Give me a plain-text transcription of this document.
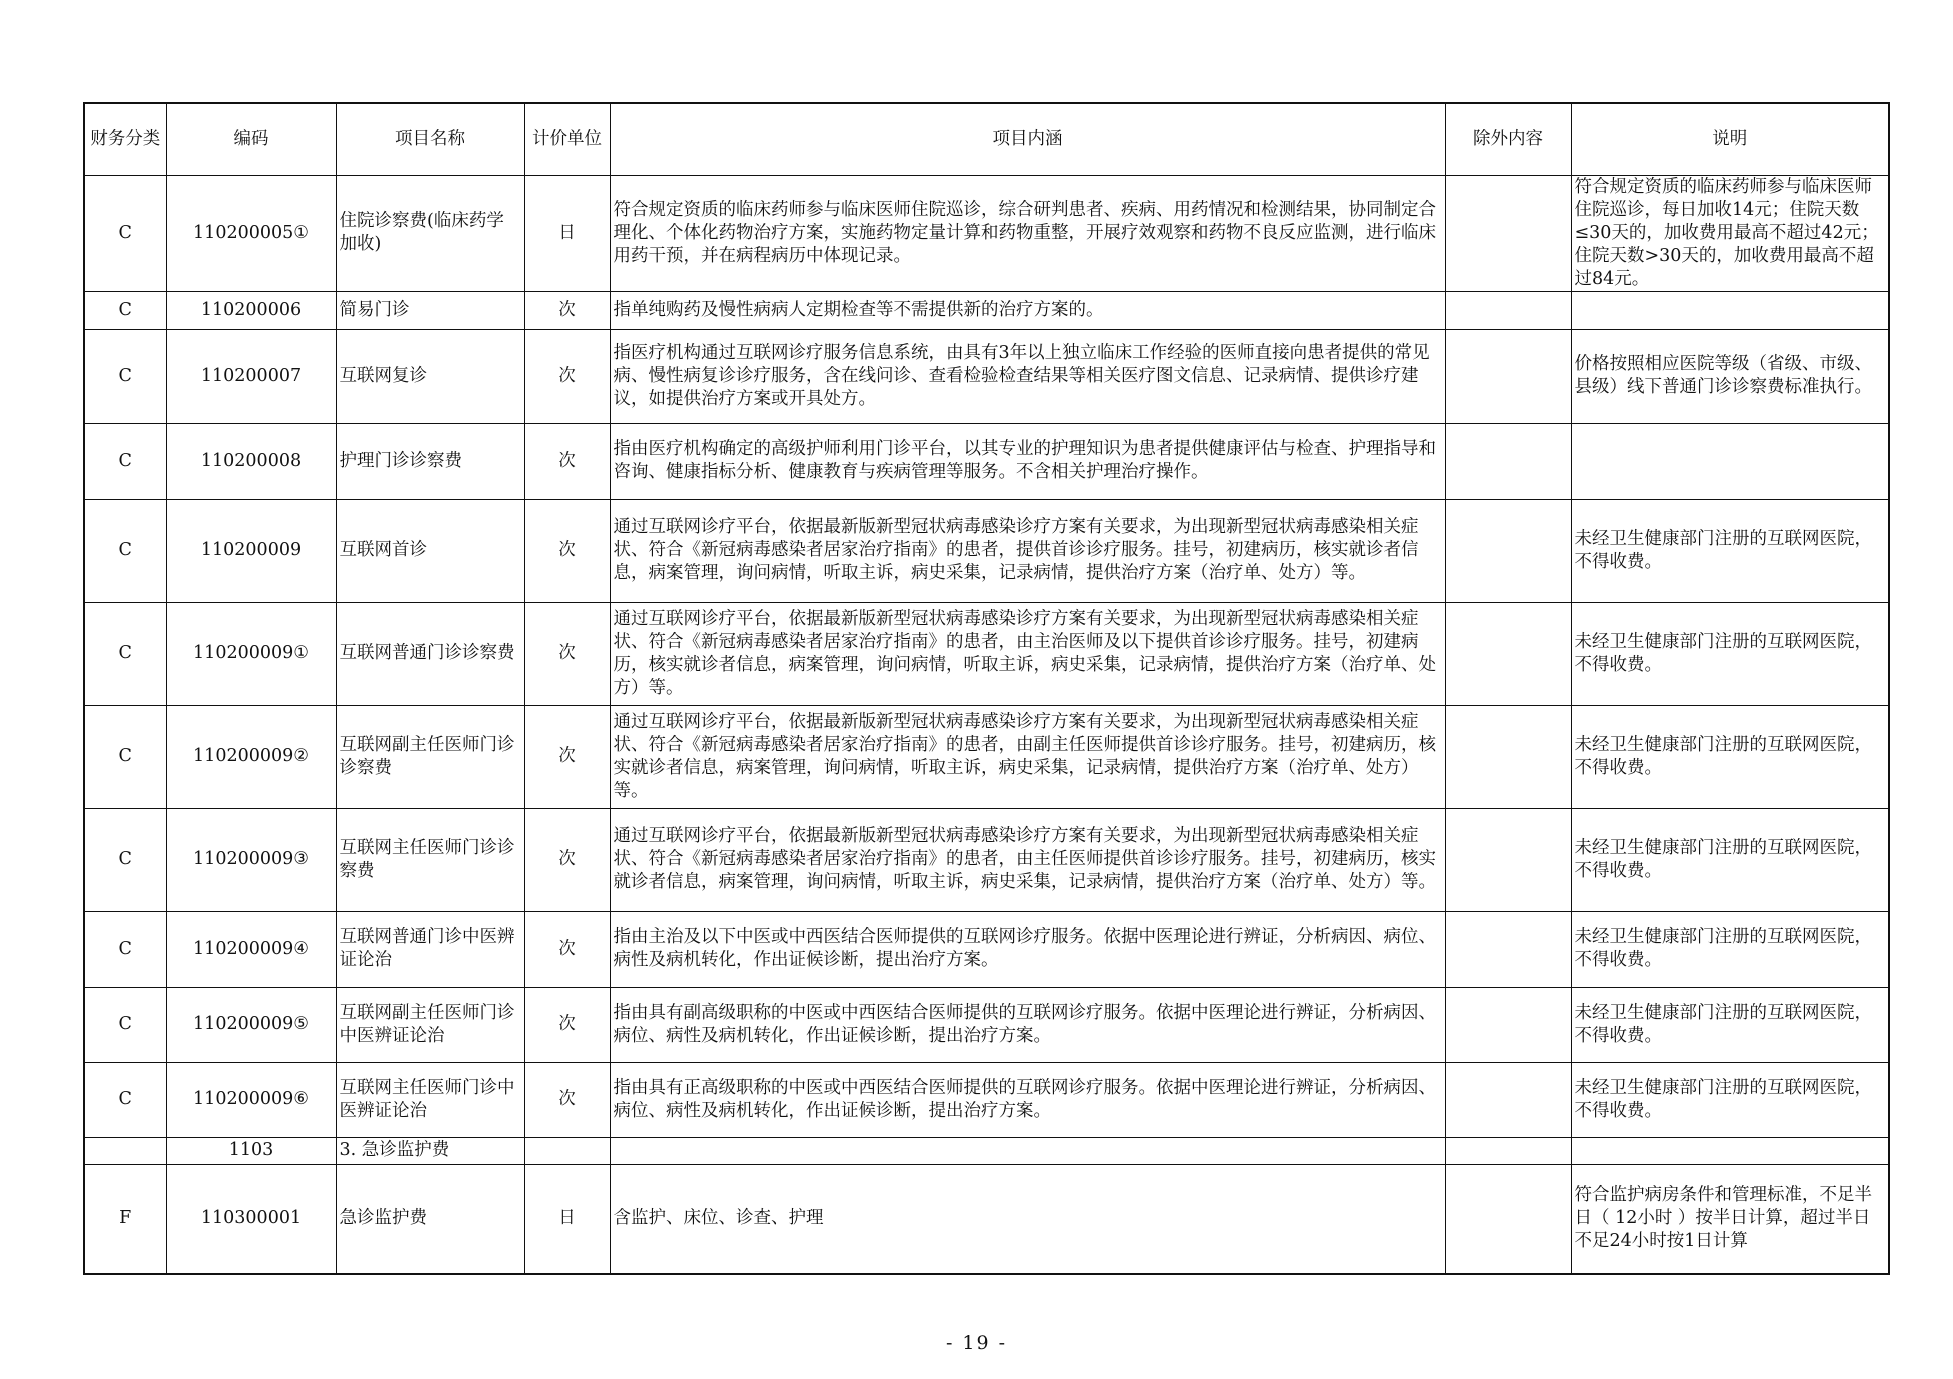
财务分类	编码	项目名称	计价单位	项目内涵	除外内容	说明
C	110200005①	住院诊察费(临床药学加收)	日	符合规定资质的临床药师参与临床医师住院巡诊，综合研判患者、疾病、用药情况和检测结果，协同制定合理化、个体化药物治疗方案，实施药物定量计算和药物重整，开展疗效观察和药物不良反应监测，进行临床用药干预，并在病程病历中体现记录。		符合规定资质的临床药师参与临床医师住院巡诊，每日加收14元；住院天数≤30天的，加收费用最高不超过42元；住院天数>30天的，加收费用最高不超过84元。
C	110200006	简易门诊	次	指单纯购药及慢性病病人定期检查等不需提供新的治疗方案的。		
C	110200007	互联网复诊	次	指医疗机构通过互联网诊疗服务信息系统，由具有3年以上独立临床工作经验的医师直接向患者提供的常见病、慢性病复诊诊疗服务，含在线问诊、查看检验检查结果等相关医疗图文信息、记录病情、提供诊疗建议，如提供治疗方案或开具处方。		价格按照相应医院等级（省级、市级、县级）线下普通门诊诊察费标准执行。
C	110200008	护理门诊诊察费	次	指由医疗机构确定的高级护师利用门诊平台，以其专业的护理知识为患者提供健康评估与检查、护理指导和咨询、健康指标分析、健康教育与疾病管理等服务。不含相关护理治疗操作。		
C	110200009	互联网首诊	次	通过互联网诊疗平台，依据最新版新型冠状病毒感染诊疗方案有关要求，为出现新型冠状病毒感染相关症状、符合《新冠病毒感染者居家治疗指南》的患者，提供首诊诊疗服务。挂号，初建病历，核实就诊者信息，病案管理，询问病情，听取主诉，病史采集，记录病情，提供治疗方案（治疗单、处方）等。		未经卫生健康部门注册的互联网医院，不得收费。
C	110200009①	互联网普通门诊诊察费	次	通过互联网诊疗平台，依据最新版新型冠状病毒感染诊疗方案有关要求，为出现新型冠状病毒感染相关症状、符合《新冠病毒感染者居家治疗指南》的患者，由主治医师及以下提供首诊诊疗服务。挂号，初建病历，核实就诊者信息，病案管理，询问病情，听取主诉，病史采集，记录病情，提供治疗方案（治疗单、处方）等。		未经卫生健康部门注册的互联网医院，不得收费。
C	110200009②	互联网副主任医师门诊诊察费	次	通过互联网诊疗平台，依据最新版新型冠状病毒感染诊疗方案有关要求，为出现新型冠状病毒感染相关症状、符合《新冠病毒感染者居家治疗指南》的患者，由副主任医师提供首诊诊疗服务。挂号，初建病历，核实就诊者信息，病案管理，询问病情，听取主诉，病史采集，记录病情，提供治疗方案（治疗单、处方）等。		未经卫生健康部门注册的互联网医院，不得收费。
C	110200009③	互联网主任医师门诊诊察费	次	通过互联网诊疗平台，依据最新版新型冠状病毒感染诊疗方案有关要求，为出现新型冠状病毒感染相关症状、符合《新冠病毒感染者居家治疗指南》的患者，由主任医师提供首诊诊疗服务。挂号，初建病历，核实就诊者信息，病案管理，询问病情，听取主诉，病史采集，记录病情，提供治疗方案（治疗单、处方）等。		未经卫生健康部门注册的互联网医院，不得收费。
C	110200009④	互联网普通门诊中医辨证论治	次	指由主治及以下中医或中西医结合医师提供的互联网诊疗服务。依据中医理论进行辨证，分析病因、病位、病性及病机转化，作出证候诊断，提出治疗方案。		未经卫生健康部门注册的互联网医院，不得收费。
C	110200009⑤	互联网副主任医师门诊中医辨证论治	次	指由具有副高级职称的中医或中西医结合医师提供的互联网诊疗服务。依据中医理论进行辨证，分析病因、病位、病性及病机转化，作出证候诊断，提出治疗方案。		未经卫生健康部门注册的互联网医院，不得收费。
C	110200009⑥	互联网主任医师门诊中医辨证论治	次	指由具有正高级职称的中医或中西医结合医师提供的互联网诊疗服务。依据中医理论进行辨证，分析病因、病位、病性及病机转化，作出证候诊断，提出治疗方案。		未经卫生健康部门注册的互联网医院，不得收费。
	1103	3. 急诊监护费				
F	110300001	急诊监护费	日	含监护、床位、诊查、护理		符合监护病房条件和管理标准，不足半日（ 12小时 ）按半日计算，超过半日不足24小时按1日计算
- 19 -
